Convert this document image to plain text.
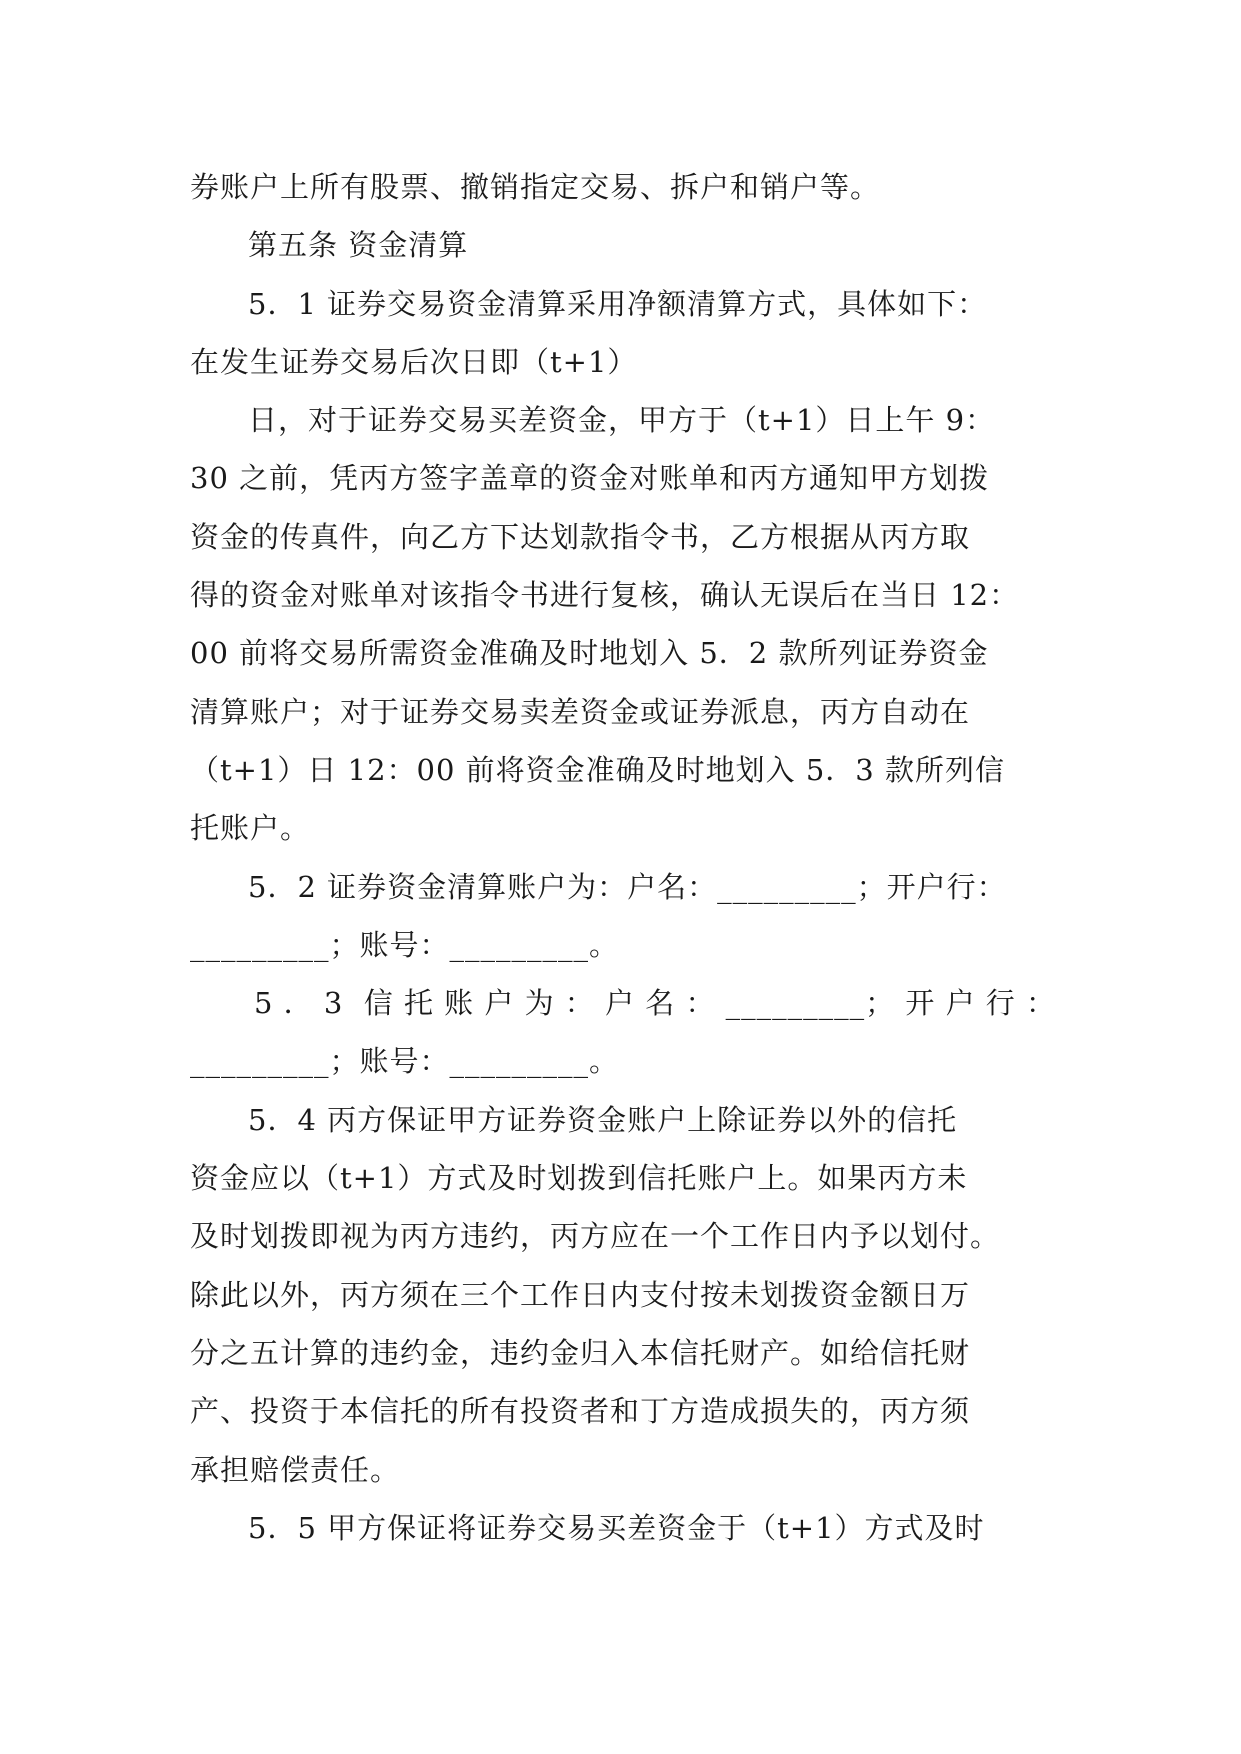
券账户上所有股票、撤销指定交易、拆户和销户等。
第五条 资金清算
5．1 证券交易资金清算采用净额清算方式，具体如下：
在发生证券交易后次日即（t+1）
日，对于证券交易买差资金，甲方于（t+1）日上午 9：
30 之前，凭丙方签字盖章的资金对账单和丙方通知甲方划拨
资金的传真件，向乙方下达划款指令书，乙方根据从丙方取
得的资金对账单对该指令书进行复核，确认无误后在当日 12：
00 前将交易所需资金准确及时地划入 5．2 款所列证券资金
清算账户；对于证券交易卖差资金或证券派息，丙方自动在
（t+1）日 12：00 前将资金准确及时地划入 5．3 款所列信
托账户。
5．2 证券资金清算账户为：户名：_________；开户行：
_________；账号：_________。
5．3 信托账户为：户名：_________；开户行：
_________；账号：_________。
5．4 丙方保证甲方证券资金账户上除证券以外的信托
资金应以（t+1）方式及时划拨到信托账户上。如果丙方未
及时划拨即视为丙方违约，丙方应在一个工作日内予以划付。
除此以外，丙方须在三个工作日内支付按未划拨资金额日万
分之五计算的违约金，违约金归入本信托财产。如给信托财
产、投资于本信托的所有投资者和丁方造成损失的，丙方须
承担赔偿责任。
5．5 甲方保证将证券交易买差资金于（t+1）方式及时
